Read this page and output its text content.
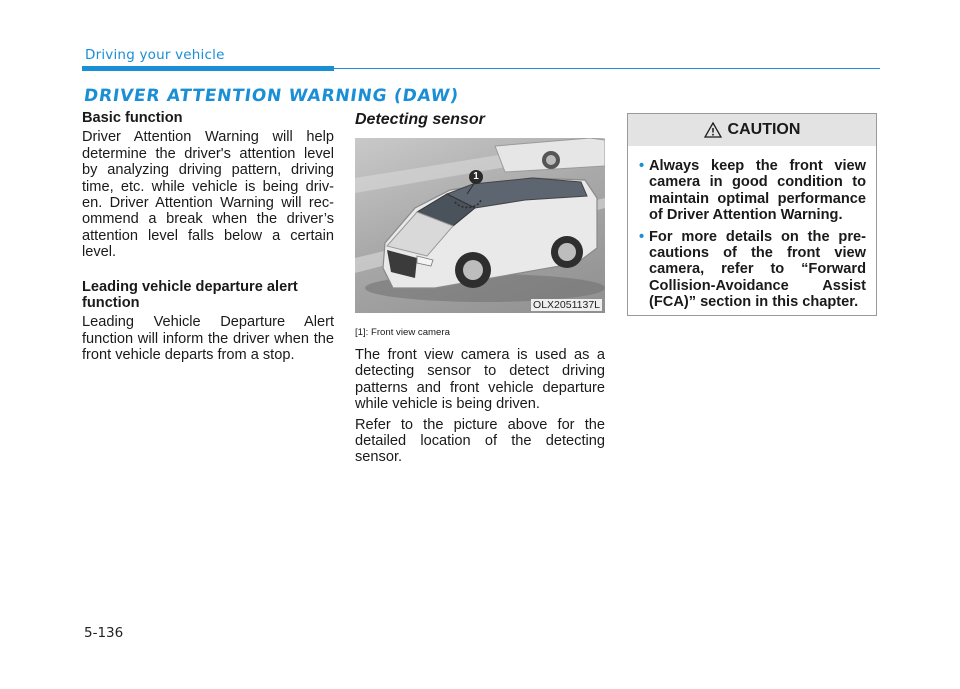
Driving your vehicle
DRIVER ATTENTION WARNING (DAW)
Basic function
Driver Attention Warning will help determine the driver's attention level by analyzing driving pattern, driving time, etc. while vehicle is being driv-en. Driver Attention Warning will rec-ommend a break when the driver’s attention level falls below a certain level.
Leading vehicle departure alert function
Leading Vehicle Departure Alert function will inform the driver when the front vehicle departs from a stop.
Detecting sensor
1
OLX2051137L
[1]: Front view camera
The front view camera is used as a detecting sensor to detect driving patterns and front vehicle departure while vehicle is being driven.
Refer to the picture above for the detailed location of the detecting sensor.
CAUTION
• Always keep the front view camera in good condition to maintain optimal performance of Driver Attention Warning.
• For more details on the pre-cautions of the front view camera, refer to “Forward Collision-Avoidance Assist (FCA)” section in this chapter.
5-136
